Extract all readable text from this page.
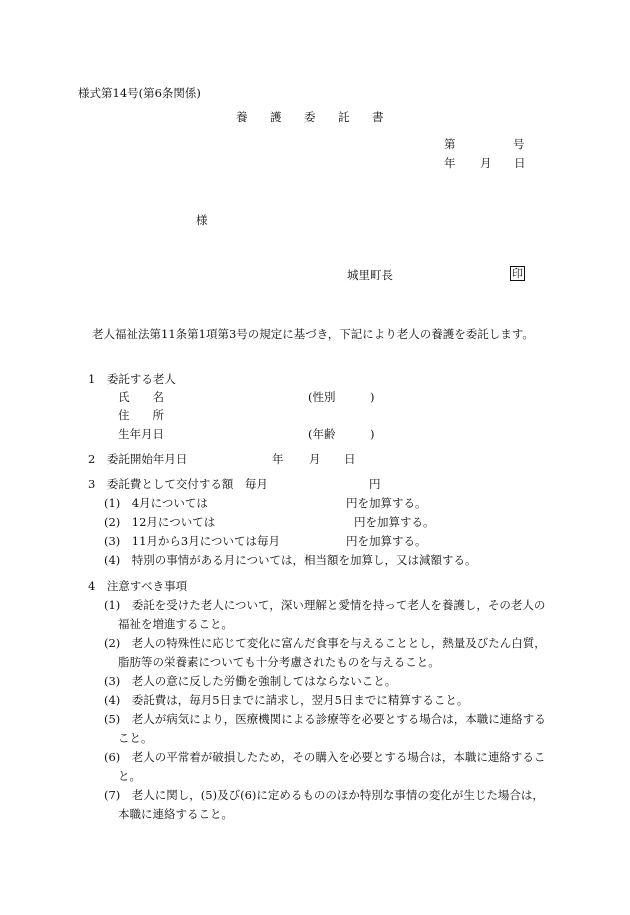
様式第14号(第6条関係)
養 護 委 託 書
第	号
年 月 日
様
城里町長	印
老人福祉法第11条第1項第3号の規定に基づき，下記により老人の養護を委託します。
1　委託する老人
氏　　名	(性別　　　)
住　　所
生年月日	(年齢　　　)
2　委託開始年月日	年 月 日
3　委託費として交付する額　毎月	円
(1)　4月については	円を加算する。
(2)　12月については	円を加算する。
(3)　11月から3月については毎月	円を加算する。
(4)　特別の事情がある月については，相当額を加算し，又は減額する。
4　注意すべき事項
(1)　委託を受けた老人について，深い理解と愛情を持って老人を養護し，その老人の
福祉を増進すること。
(2)　老人の特殊性に応じて変化に富んだ食事を与えることとし，熱量及びたん白質，
脂肪等の栄養素についても十分考慮されたものを与えること。
(3)　老人の意に反した労働を強制してはならないこと。
(4)　委託費は，毎月5日までに請求し，翌月5日までに精算すること。
(5)　老人が病気により，医療機関による診療等を必要とする場合は，本職に連絡する
こと。
(6)　老人の平常着が破損したため，その購入を必要とする場合は，本職に連絡するこ
と。
(7)　老人に関し，(5)及び(6)に定めるもののほか特別な事情の変化が生じた場合は，
本職に連絡すること。
